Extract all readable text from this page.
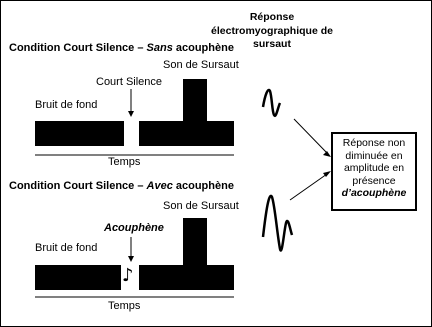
Réponse électromyographique de sursaut
Condition Court Silence – Sans acouphène
Son de Sursaut
Court Silence
Bruit de fond
Temps
Condition Court Silence – Avec acouphène
Son de Sursaut
Acouphène
Bruit de fond
♪
Temps
Réponse non diminuée en amplitude en présence
d’acouphène
